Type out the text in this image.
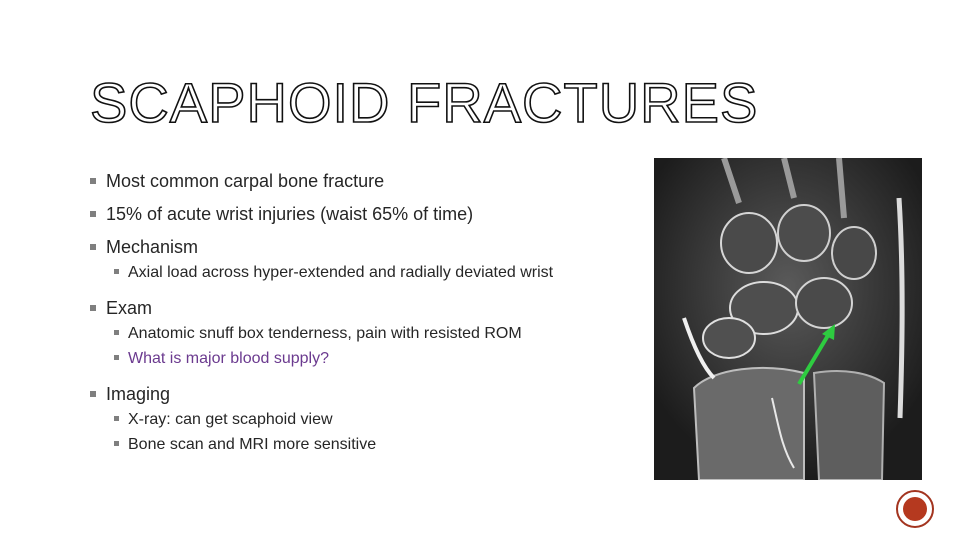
SCAPHOID FRACTURES
Most common carpal bone fracture
15% of acute wrist injuries (waist 65% of time)
Mechanism
Axial load across hyper-extended and radially deviated wrist
Exam
Anatomic snuff box tenderness, pain with resisted ROM
What is major blood supply?
Imaging
X-ray: can get scaphoid view
Bone scan and MRI more sensitive
